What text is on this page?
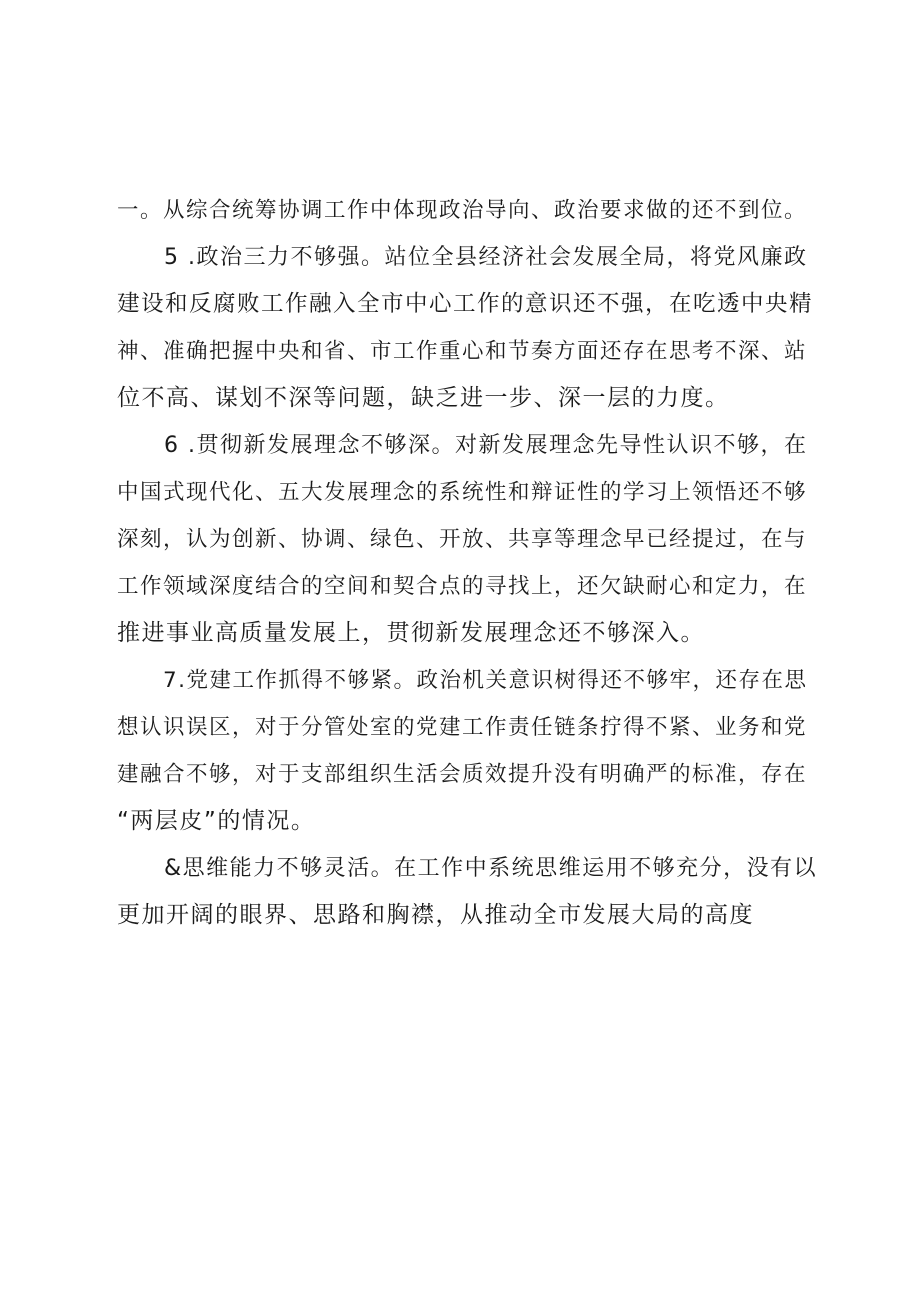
一。从综合统筹协调工作中体现政治导向、政治要求做的还不到位。
　　5 .政治三力不够强。站位全县经济社会发展全局，将党风廉政
建设和反腐败工作融入全市中心工作的意识还不强，在吃透中央精
神、准确把握中央和省、市工作重心和节奏方面还存在思考不深、站
位不高、谋划不深等问题，缺乏进一步、深一层的力度。
　　6 .贯彻新发展理念不够深。对新发展理念先导性认识不够，在
中国式现代化、五大发展理念的系统性和辩证性的学习上领悟还不够
深刻，认为创新、协调、绿色、开放、共享等理念早已经提过，在与
工作领域深度结合的空间和契合点的寻找上，还欠缺耐心和定力，在
推进事业高质量发展上，贯彻新发展理念还不够深入。
　　7.党建工作抓得不够紧。政治机关意识树得还不够牢，还存在思
想认识误区，对于分管处室的党建工作责任链条拧得不紧、业务和党
建融合不够，对于支部组织生活会质效提升没有明确严的标准，存在
“两层皮”的情况。
　　&思维能力不够灵活。在工作中系统思维运用不够充分，没有以
更加开阔的眼界、思路和胸襟，从推动全市发展大局的高度
